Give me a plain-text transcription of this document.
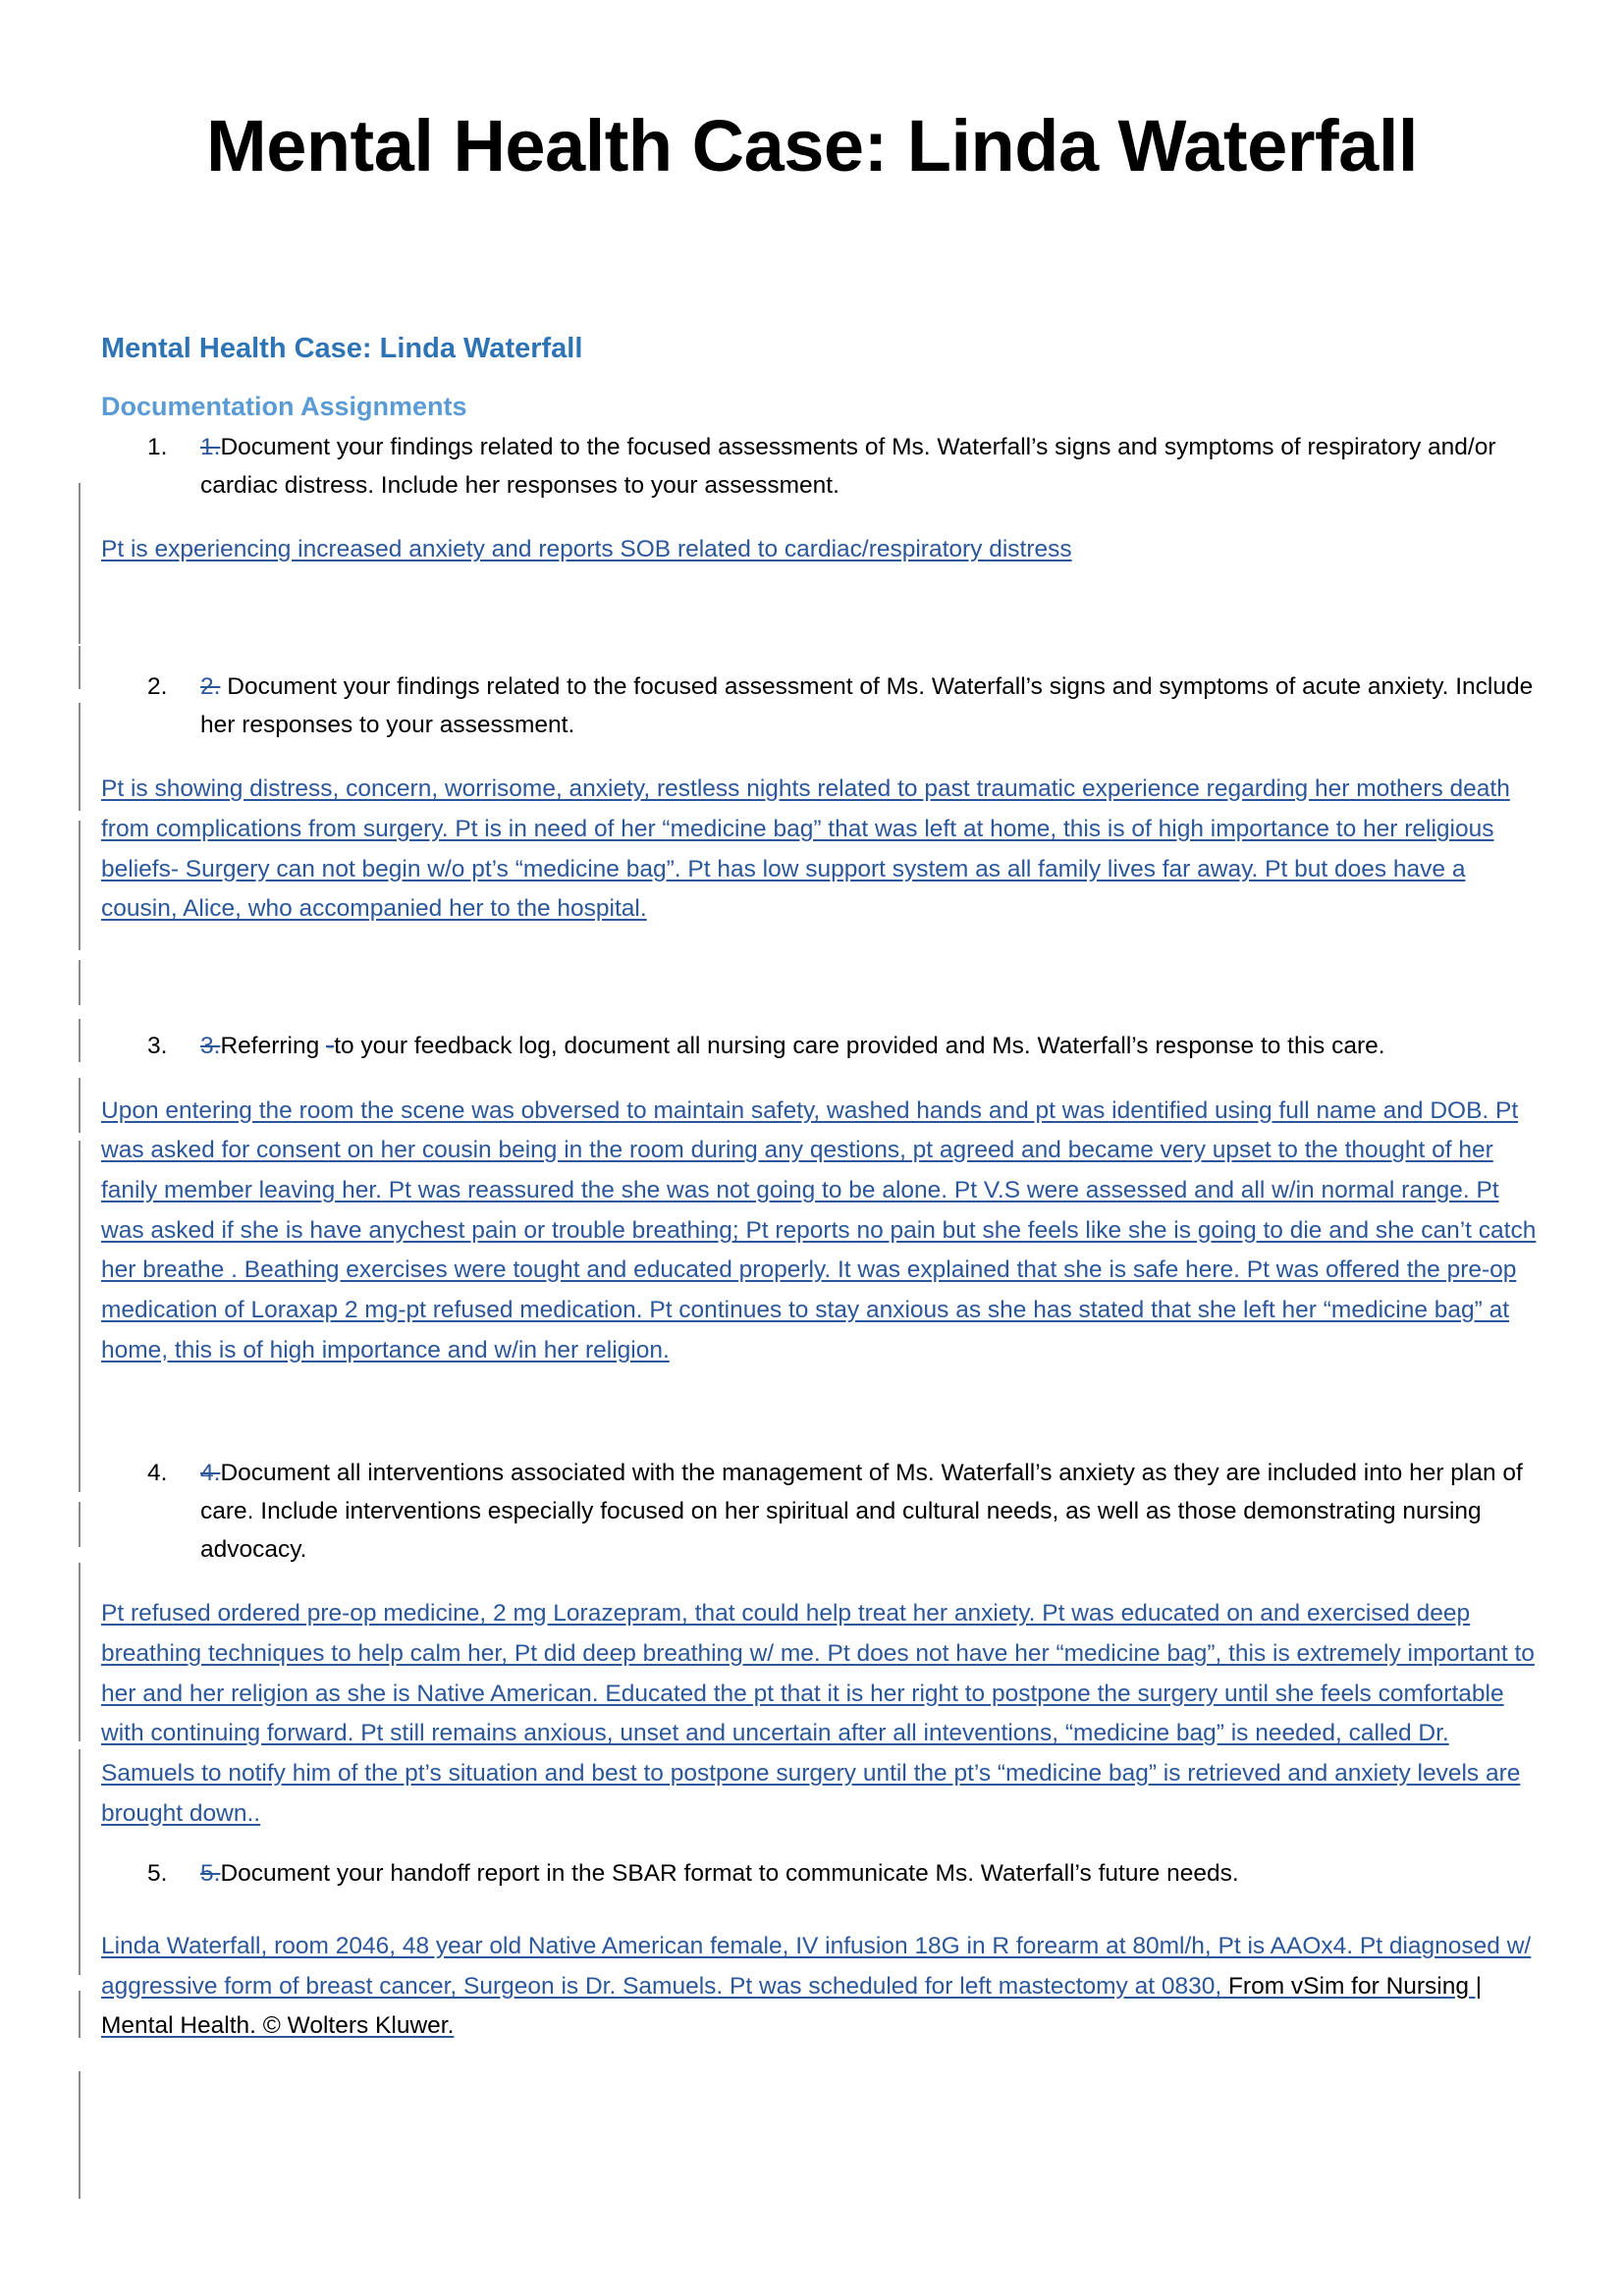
Mental Health Case: Linda Waterfall
Mental Health Case: Linda Waterfall
Documentation Assignments
1.	1.Document your findings related to the focused assessments of Ms. Waterfall’s signs and symptoms of respiratory and/or cardiac distress. Include her responses to your assessment.

Pt is experiencing increased anxiety and reports SOB related to cardiac/respiratory distress

2.	2. Document your findings related to the focused assessment of Ms. Waterfall’s signs and symptoms of acute anxiety. Include her responses to your assessment.

Pt is showing distress, concern, worrisome, anxiety, restless nights related to past traumatic experience regarding her mothers death from complications from surgery. Pt is in need of her “medicine bag” that was left at home, this is of high importance to her religious beliefs- Surgery can not begin w/o pt’s “medicine bag”. Pt has low support system as all family lives far away. Pt but does have a cousin, Alice, who accompanied her to the hospital.

3.	3.Referring -to your feedback log, document all nursing care provided and Ms. Waterfall’s response to this care.

Upon entering the room the scene was obversed to maintain safety, washed hands and pt was identified using full name and DOB. Pt was asked for consent on her cousin being in the room during any qestions, pt agreed and became very upset to the thought of her fanily member leaving her. Pt was reassured the she was not going to be alone. Pt V.S were assessed and all w/in normal range. Pt was asked if she is have anychest pain or trouble breathing; Pt reports no pain but she feels like she is going to die and she can’t catch her breathe . Beathing exercises were tought and educated properly. It was explained that she is safe here. Pt was offered the pre-op medication of Loraxap 2 mg-pt refused medication. Pt continues to stay anxious as she has stated that she left her “medicine bag” at home, this is of high importance and w/in her religion.

4.	4.Document all interventions associated with the management of Ms. Waterfall’s anxiety as they are included into her plan of care. Include interventions especially focused on her spiritual and cultural needs, as well as those demonstrating nursing advocacy.

Pt refused ordered pre-op medicine, 2 mg Lorazepram, that could help treat her anxiety. Pt was educated on and exercised deep breathing techniques to help calm her, Pt did deep breathing w/ me. Pt does not have her “medicine bag”, this is extremely important to her and her religion as she is Native American. Educated the pt that it is her right to postpone the surgery until she feels comfortable with continuing forward. Pt still remains anxious, unset and uncertain after all inteventions, “medicine bag” is needed, called Dr. Samuels to notify him of the pt’s situation and best to postpone surgery until the pt’s “medicine bag” is retrieved and anxiety levels are brought down..

5.	5.Document your handoff report in the SBAR format to communicate Ms. Waterfall’s future needs.

Linda Waterfall, room 2046, 48 year old Native American female, IV infusion 18G in R forearm at 80ml/h, Pt is AAOx4. Pt diagnosed w/ aggressive form of breast cancer, Surgeon is Dr. Samuels. Pt was scheduled for left mastectomy at 0830, From vSim for Nursing | Mental Health. © Wolters Kluwer.
